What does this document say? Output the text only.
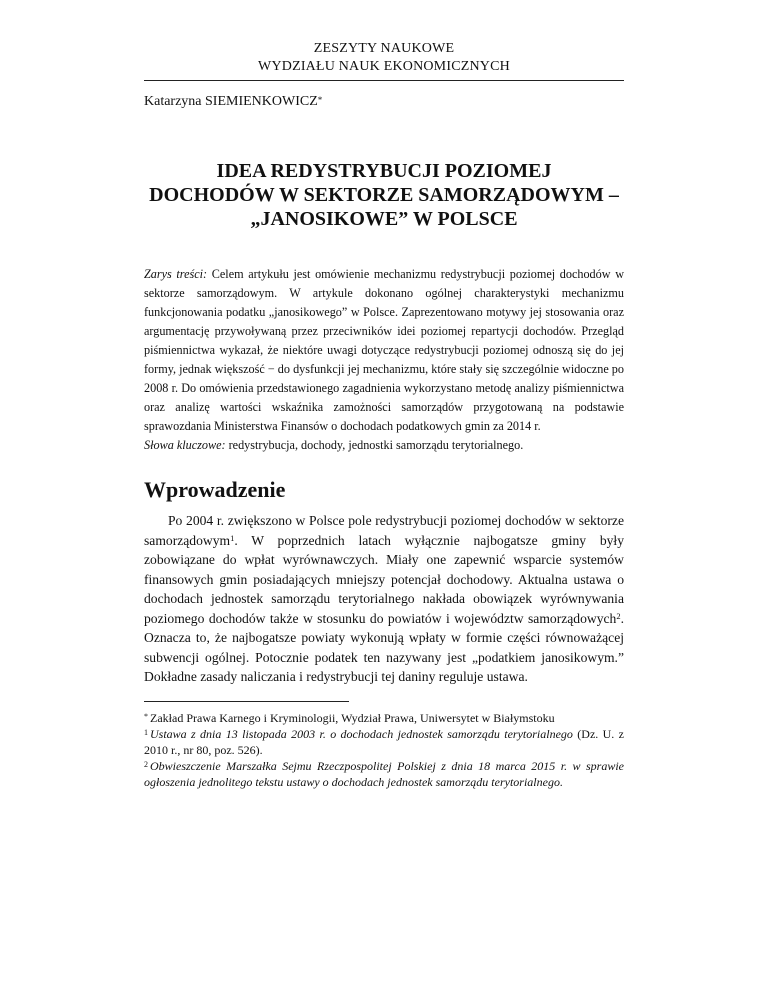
ZESZYTY NAUKOWE
WYDZIAŁU NAUK EKONOMICZNYCH
Katarzyna SIEMIENKOWICZ*
IDEA REDYSTRYBUCJI POZIOMEJ
DOCHODÓW W SEKTORZE SAMORZĄDOWYM –
„JANOSIKOWE” W POLSCE

Zarys treści: Celem artykułu jest omówienie mechanizmu redystrybucji poziomej dochodów w sektorze samorządowym. W artykule dokonano ogólnej charakterystyki mechanizmu funkcjonowania podatku „janosikowego” w Polsce. Zaprezentowano motywy jej stosowania oraz argumentację przywoływaną przez przeciwników idei poziomej repartycji dochodów. Przegląd piśmiennictwa wykazał, że niektóre uwagi dotyczące redystrybucji poziomej odnoszą się do jej formy, jednak większość − do dysfunkcji jej mechanizmu, które stały się szczególnie widoczne po 2008 r. Do omówienia przedstawionego zagadnienia wykorzystano metodę analizy piśmiennictwa oraz analizę wartości wskaźnika zamożności samorządów przygotowaną na podstawie sprawozdania Ministerstwa Finansów o dochodach podatkowych gmin za 2014 r.

Słowa kluczowe: redystrybucja, dochody, jednostki samorządu terytorialnego.

Wprowadzenie
Po 2004 r. zwiększono w Polsce pole redystrybucji poziomej dochodów w sektorze samorządowym$^1$. W poprzednich latach wyłącznie najbogatsze gminy były zobowiązane do wpłat wyrównawczych. Miały one zapewnić wsparcie systemów finansowych gmin posiadających mniejszy potencjał dochodowy. Aktualna ustawa o dochodach jednostek samorządu terytorialnego nakłada obowiązek wyrównywania poziomego dochodów także w stosunku do powiatów i województw samorządowych$^2$. Oznacza to, że najbogatsze powiaty wykonują wpłaty w formie części równoważącej subwencji ogólnej. Potocznie podatek ten nazywany jest „podatkiem janosikowym.” Dokładne zasady naliczania i redystrybucji tej daniny reguluje ustawa.

* Zakład Prawa Karnego i Kryminologii, Wydział Prawa, Uniwersytet w Białymstoku

$^1$ Ustawa z dnia 13 listopada 2003 r. o dochodach jednostek samorządu terytorialnego (Dz. U. z 2010 r., nr 80, poz. 526).

$^2$ Obwieszczenie Marszałka Sejmu Rzeczpospolitej Polskiej z dnia 18 marca 2015 r. w sprawie ogłoszenia jednolitego tekstu ustawy o dochodach jednostek samorządu terytorialnego.
